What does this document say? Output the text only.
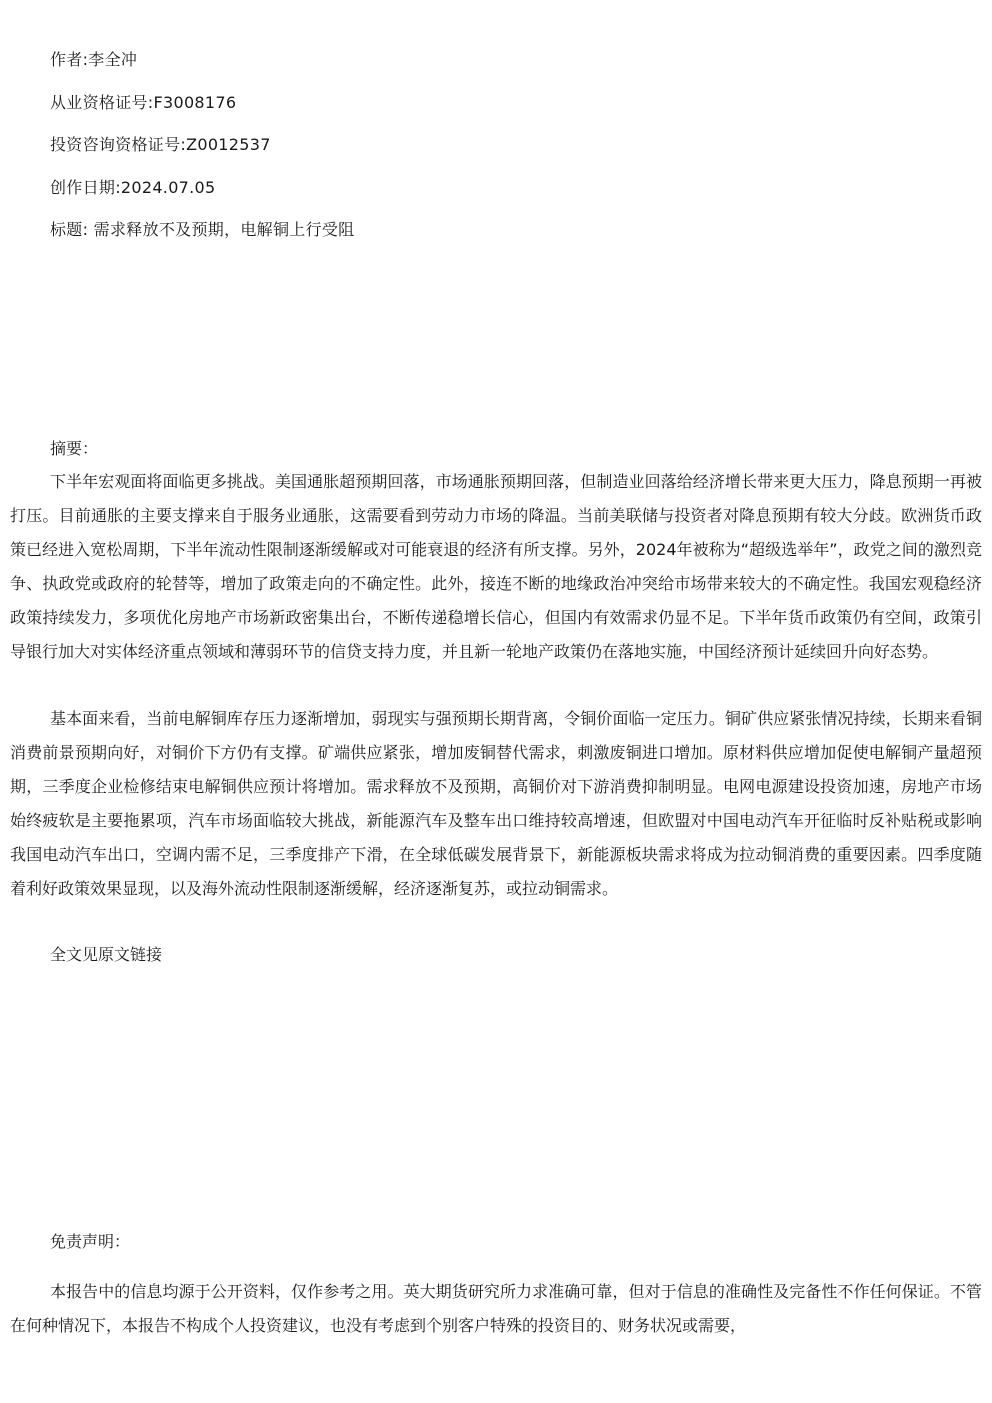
作者:李全冲
从业资格证号:F3008176
投资咨询资格证号:Z0012537
创作日期:2024.07.05
标题: 需求释放不及预期，电解铜上行受阻
摘要：

下半年宏观面将面临更多挑战。美国通胀超预期回落，市场通胀预期回落，但制造业回落给经济增长带来更大压力，降息预期一再被打压。目前通胀的主要支撑来自于服务业通胀，这需要看到劳动力市场的降温。当前美联储与投资者对降息预期有较大分歧。欧洲货币政策已经进入宽松周期，下半年流动性限制逐渐缓解或对可能衰退的经济有所支撑。另外，2024年被称为“超级选举年”，政党之间的激烈竞争、执政党或政府的轮替等，增加了政策走向的不确定性。此外，接连不断的地缘政治冲突给市场带来较大的不确定性。我国宏观稳经济政策持续发力，多项优化房地产市场新政密集出台，不断传递稳增长信心，但国内有效需求仍显不足。下半年货币政策仍有空间，政策引导银行加大对实体经济重点领域和薄弱环节的信贷支持力度，并且新一轮地产政策仍在落地实施，中国经济预计延续回升向好态势。

基本面来看，当前电解铜库存压力逐渐增加，弱现实与强预期长期背离，令铜价面临一定压力。铜矿供应紧张情况持续，长期来看铜消费前景预期向好，对铜价下方仍有支撑。矿端供应紧张，增加废铜替代需求，刺激废铜进口增加。原材料供应增加促使电解铜产量超预期，三季度企业检修结束电解铜供应预计将增加。需求释放不及预期，高铜价对下游消费抑制明显。电网电源建设投资加速，房地产市场始终疲软是主要拖累项，汽车市场面临较大挑战，新能源汽车及整车出口维持较高增速，但欧盟对中国电动汽车开征临时反补贴税或影响我国电动汽车出口，空调内需不足，三季度排产下滑，在全球低碳发展背景下，新能源板块需求将成为拉动铜消费的重要因素。四季度随着利好政策效果显现，以及海外流动性限制逐渐缓解，经济逐渐复苏，或拉动铜需求。

全文见原文链接
免责声明：

本报告中的信息均源于公开资料，仅作参考之用。英大期货研究所力求准确可靠，但对于信息的准确性及完备性不作任何保证。不管在何种情况下，本报告不构成个人投资建议，也没有考虑到个别客户特殊的投资目的、财务状况或需要，
